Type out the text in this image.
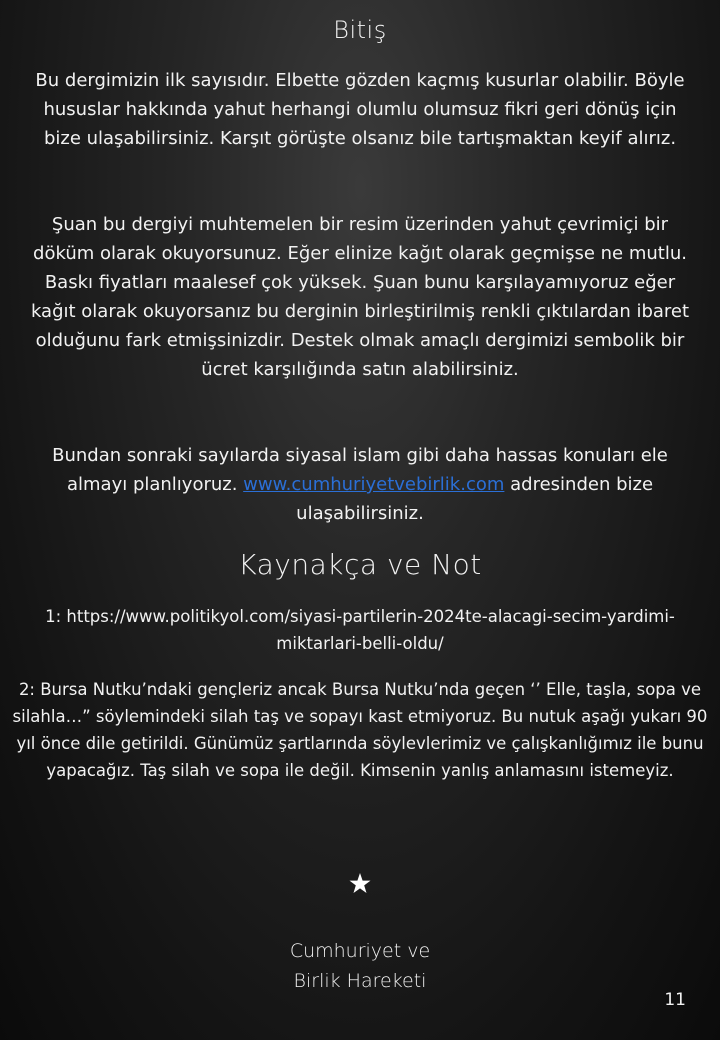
Bitiş
Bu dergimizin ilk sayısıdır. Elbette gözden kaçmış kusurlar olabilir. Böyle hususlar hakkında yahut herhangi olumlu olumsuz fikri geri dönüş için bize ulaşabilirsiniz. Karşıt görüşte olsanız bile tartışmaktan keyif alırız.
Şuan bu dergiyi muhtemelen bir resim üzerinden yahut çevrimiçi bir döküm olarak okuyorsunuz. Eğer elinize kağıt olarak geçmişse ne mutlu. Baskı fiyatları maalesef çok yüksek. Şuan bunu karşılayamıyoruz eğer kağıt olarak okuyorsanız bu derginin birleştirilmiş renkli çıktılardan ibaret olduğunu fark etmişsinizdir. Destek olmak amaçlı dergimizi sembolik bir ücret karşılığında satın alabilirsiniz.
Bundan sonraki sayılarda siyasal islam gibi daha hassas konuları ele almayı planlıyoruz. www.cumhuriyetvebirlik.com adresinden bize ulaşabilirsiniz.
Kaynakça ve Not
1: https://www.politikyol.com/siyasi-partilerin-2024te-alacagi-secim-yardimi-miktarlari-belli-oldu/
2: Bursa Nutku’ndaki gençleriz ancak Bursa Nutku’nda geçen ‘’ Elle, taşla, sopa ve silahla…” söylemindeki silah taş ve sopayı kast etmiyoruz. Bu nutuk aşağı yukarı 90 yıl önce dile getirildi. Günümüz şartlarında söylevlerimiz ve çalışkanlığımız ile bunu yapacağız. Taş silah ve sopa ile değil. Kimsenin yanlış anlamasını istemeyiz.
Cumhuriyet ve
Birlik Hareketi
11
